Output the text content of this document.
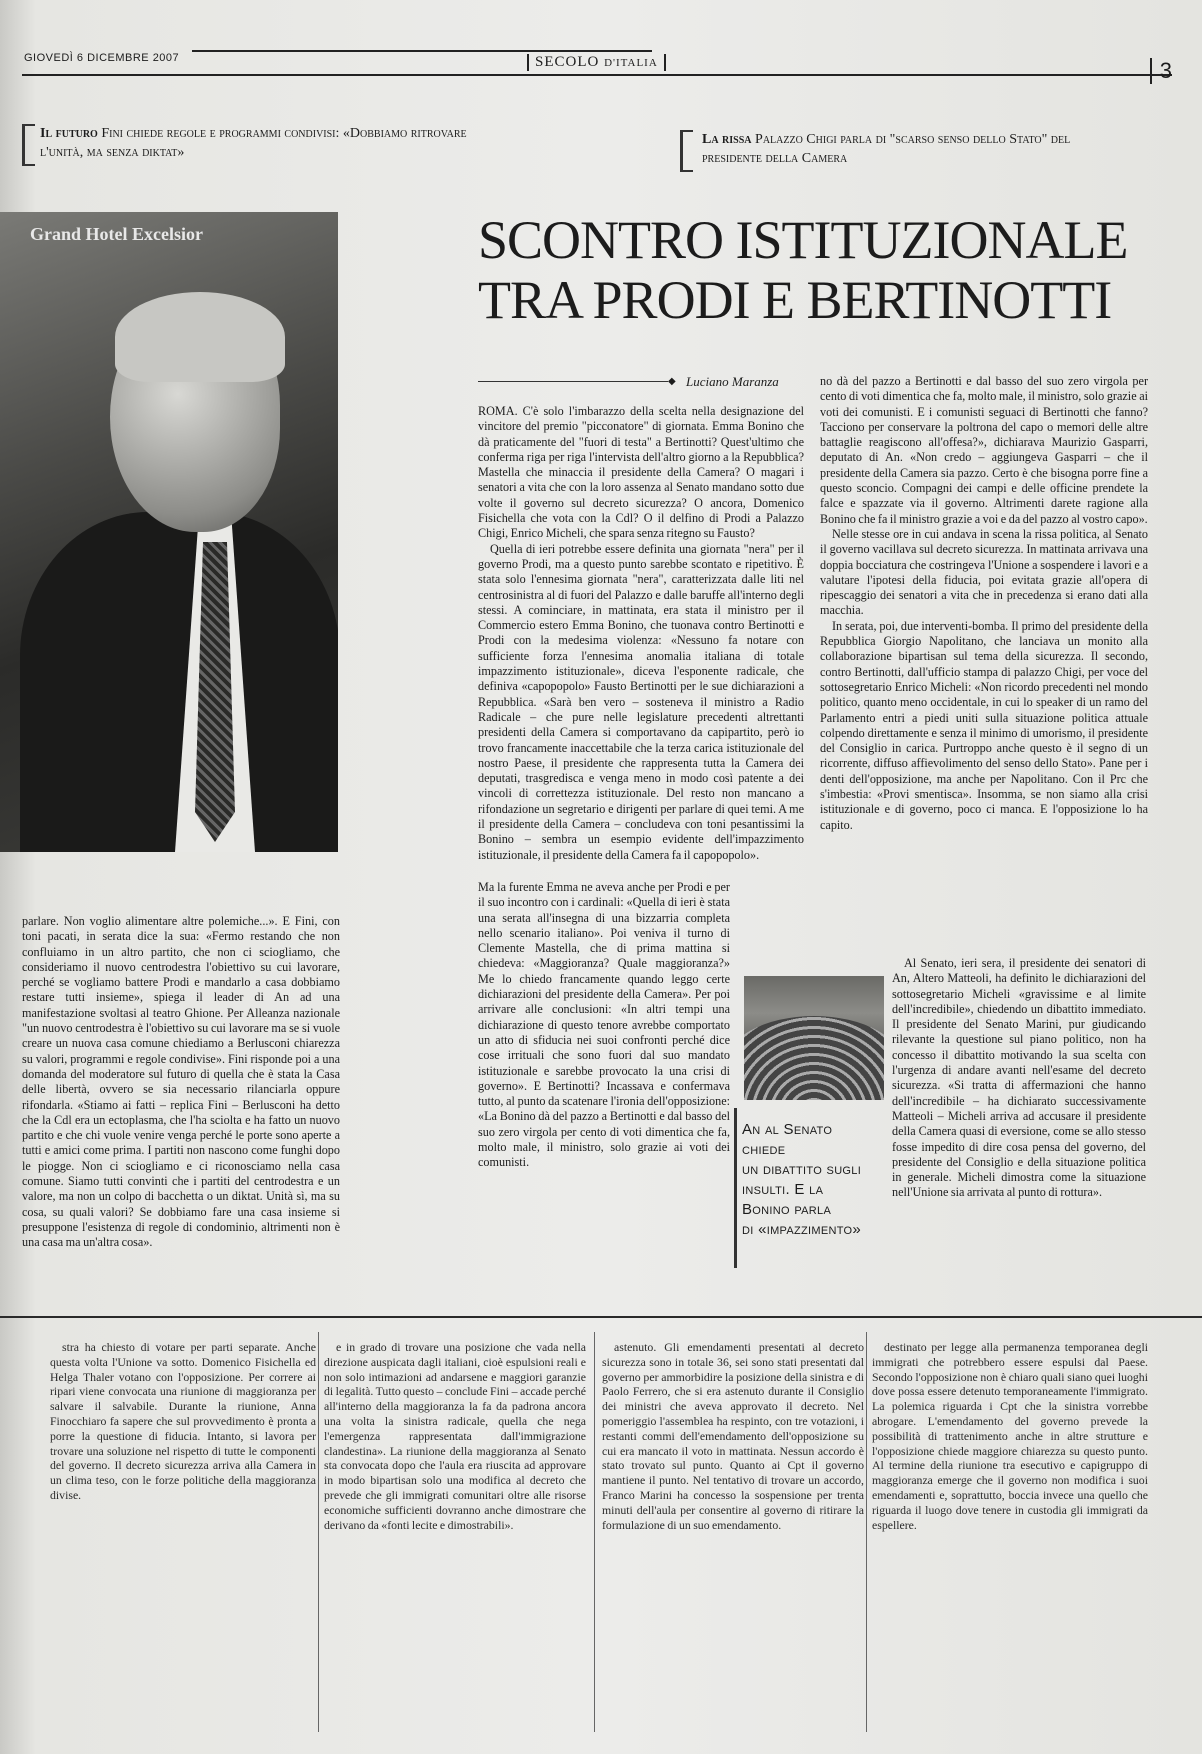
GIOVEDÌ 6 DICEMBRE 2007	SECOLO D'ITALIA	3
Il futuro Fini chiede regole e programmi condivisi: «Dobbiamo ritrovare l'unità, ma senza diktat»
La rissa Palazzo Chigi parla di "scarso senso dello Stato" del presidente della Camera
Grand Hotel Excelsior	SCONTRO ISTITUZIONALE
TRA PRODI E BERTINOTTI
◆ Luciano Maranza

ROMA. C'è solo l'imbarazzo della scelta nella designazione del vincitore del premio "picconatore" di giornata. Emma Bonino che dà praticamente del "fuori di testa" a Bertinotti? Quest'ultimo che conferma riga per riga l'intervista dell'altro giorno a la Repubblica? Mastella che minaccia il presidente della Camera? O magari i senatori a vita che con la loro assenza al Senato mandano sotto due volte il governo sul decreto sicurezza? O ancora, Domenico Fisichella che vota con la Cdl? O il delfino di Prodi a Palazzo Chigi, Enrico Micheli, che spara senza ritegno su Fausto?

Quella di ieri potrebbe essere definita una giornata "nera" per il governo Prodi, ma a questo punto sarebbe scontato e ripetitivo. È stata solo l'ennesima giornata "nera", caratterizzata dalle liti nel centrosinistra al di fuori del Palazzo e dalle baruffe all'interno degli stessi. A cominciare, in mattinata, era stata il ministro per il Commercio estero Emma Bonino, che tuonava contro Bertinotti e Prodi con la medesima violenza: «Nessuno fa notare con sufficiente forza l'ennesima anomalia italiana di totale impazzimento istituzionale», diceva l'esponente radicale, che definiva «capopopolo» Fausto Bertinotti per le sue dichiarazioni a Repubblica. «Sarà ben vero – sosteneva il ministro a Radio Radicale – che pure nelle legislature precedenti altrettanti presidenti della Camera si comportavano da capipartito, però io trovo francamente inaccettabile che la terza carica istituzionale del nostro Paese, il presidente che rappresenta tutta la Camera dei deputati, trasgredisca e venga meno in modo così patente a dei vincoli di correttezza istituzionale. Del resto non mancano a rifondazione un segretario e dirigenti per parlare di quei temi. A me il presidente della Camera – concludeva con toni pesantissimi la Bonino – sembra un esempio evidente dell'impazzimento istituzionale, il presidente della Camera fa il capopopolo».

Ma la furente Emma ne aveva anche per Prodi e per il suo incontro con i cardinali: «Quella di ieri è stata una serata all'insegna di una bizzarria completa nello scenario italiano». Poi veniva il turno di Clemente Mastella, che di prima mattina si chiedeva: «Maggioranza? Quale maggioranza?» Me lo chiedo francamente quando leggo certe dichiarazioni del presidente della Camera». Per poi arrivare alle conclusioni: «In altri tempi una dichiarazione di questo tenore avrebbe comportato un atto di sfiducia nei suoi confronti perché dice cose irrituali che sono fuori dal suo mandato istituzionale e sarebbe provocato la una crisi di governo». E Bertinotti? Incassava e confermava tutto, al punto da scatenare l'ironia dell'opposizione: «La Bonino dà del pazzo a Bertinotti e dal basso del suo zero virgola per cento di voti dimentica che fa, molto male, il ministro, solo grazie ai voti dei comunisti.

no dà del pazzo a Bertinotti e dal basso del suo zero virgola per cento di voti dimentica che fa, molto male, il ministro, solo grazie ai voti dei comunisti. E i comunisti seguaci di Bertinotti che fanno? Tacciono per conservare la poltrona del capo o memori delle altre battaglie reagiscono all'offesa?», dichiarava Maurizio Gasparri, deputato di An. «Non credo – aggiungeva Gasparri – che il presidente della Camera sia pazzo. Certo è che bisogna porre fine a questo sconcio. Compagni dei campi e delle officine prendete la falce e spazzate via il governo. Altrimenti darete ragione alla Bonino che fa il ministro grazie a voi e da del pazzo al vostro capo».

Nelle stesse ore in cui andava in scena la rissa politica, al Senato il governo vacillava sul decreto sicurezza. In mattinata arrivava una doppia bocciatura che costringeva l'Unione a sospendere i lavori e a valutare l'ipotesi della fiducia, poi evitata grazie all'opera di ripescaggio dei senatori a vita che in precedenza si erano dati alla macchia.

In serata, poi, due interventi-bomba. Il primo del presidente della Repubblica Giorgio Napolitano, che lanciava un monito alla collaborazione bipartisan sul tema della sicurezza. Il secondo, contro Bertinotti, dall'ufficio stampa di palazzo Chigi, per voce del sottosegretario Enrico Micheli: «Non ricordo precedenti nel mondo politico, quanto meno occidentale, in cui lo speaker di un ramo del Parlamento entri a piedi uniti sulla situazione politica attuale colpendo direttamente e senza il minimo di umorismo, il presidente del Consiglio in carica. Purtroppo anche questo è il segno di un ricorrente, diffuso affievolimento del senso dello Stato». Pane per i denti dell'opposizione, ma anche per Napolitano. Con il Prc che s'imbestia: «Provi smentisca». Insomma, se non siamo alla crisi istituzionale e di governo, poco ci manca. E l'opposizione lo ha capito.

Al Senato, ieri sera, il presidente dei senatori di An, Altero Matteoli, ha definito le dichiarazioni del sottosegretario Micheli «gravissime e al limite dell'incredibile», chiedendo un dibattito immediato. Il presidente del Senato Marini, pur giudicando rilevante la questione sul piano politico, non ha concesso il dibattito motivando la sua scelta con l'urgenza di andare avanti nell'esame del decreto sicurezza. «Si tratta di affermazioni che hanno dell'incredibile – ha dichiarato successivamente Matteoli – Micheli arriva ad accusare il presidente della Camera quasi di eversione, come se allo stesso fosse impedito di dire cosa pensa del governo, del presidente del Consiglio e della situazione politica in generale. Micheli dimostra come la situazione nell'Unione sia arrivata al punto di rottura».

parlare. Non voglio alimentare altre polemiche...». E Fini, con toni pacati, in serata dice la sua: «Fermo restando che non confluiamo in un altro partito, che non ci sciogliamo, che consideriamo il nuovo centrodestra l'obiettivo su cui lavorare, perché se vogliamo battere Prodi e mandarlo a casa dobbiamo restare tutti insieme», spiega il leader di An ad una manifestazione svoltasi al teatro Ghione. Per Alleanza nazionale "un nuovo centrodestra è l'obiettivo su cui lavorare ma se si vuole creare un nuova casa comune chiediamo a Berlusconi chiarezza su valori, programmi e regole condivise». Fini risponde poi a una domanda del moderatore sul futuro di quella che è stata la Casa delle libertà, ovvero se sia necessario rilanciarla oppure rifondarla. «Stiamo ai fatti – replica Fini – Berlusconi ha detto che la Cdl era un ectoplasma, che l'ha sciolta e ha fatto un nuovo partito e che chi vuole venire venga perché le porte sono aperte a tutti e amici come prima. I partiti non nascono come funghi dopo le piogge. Non ci sciogliamo e ci riconosciamo nella casa comune. Siamo tutti convinti che i partiti del centrodestra e un valore, ma non un colpo di bacchetta o un diktat. Unità sì, ma su cosa, su quali valori? Se dobbiamo fare una casa insieme si presuppone l'esistenza di regole di condominio, altrimenti non è una casa ma un'altra cosa».

An al Senato
chiede
un dibattito sugli
insulti. E la
Bonino parla
di «impazzimento»

stra ha chiesto di votare per parti separate. Anche questa volta l'Unione va sotto. Domenico Fisichella ed Helga Thaler votano con l'opposizione. Per correre ai ripari viene convocata una riunione di maggioranza per salvare il salvabile. Durante la riunione, Anna Finocchiaro fa sapere che sul provvedimento è pronta a porre la questione di fiducia. Intanto, si lavora per trovare una soluzione nel rispetto di tutte le componenti del governo. Il decreto sicurezza arriva alla Camera in un clima teso, con le forze politiche della maggioranza divise.

e in grado di trovare una posizione che vada nella direzione auspicata dagli italiani, cioè espulsioni reali e non solo intimazioni ad andarsene e maggiori garanzie di legalità. Tutto questo – conclude Fini – accade perché all'interno della maggioranza la fa da padrona ancora una volta la sinistra radicale, quella che nega l'emergenza rappresentata dall'immigrazione clandestina». La riunione della maggioranza al Senato sta convocata dopo che l'aula era riuscita ad approvare in modo bipartisan solo una modifica al decreto che prevede che gli immigrati comunitari oltre alle risorse economiche sufficienti dovranno anche dimostrare che derivano da «fonti lecite e dimostrabili».

astenuto. Gli emendamenti presentati al decreto sicurezza sono in totale 36, sei sono stati presentati dal governo per ammorbidire la posizione della sinistra e di Paolo Ferrero, che si era astenuto durante il Consiglio dei ministri che aveva approvato il decreto. Nel pomeriggio l'assemblea ha respinto, con tre votazioni, i restanti commi dell'emendamento dell'opposizione su cui era mancato il voto in mattinata. Nessun accordo è stato trovato sul punto. Quanto ai Cpt il governo mantiene il punto. Nel tentativo di trovare un accordo, Franco Marini ha concesso la sospensione per trenta minuti dell'aula per consentire al governo di ritirare la formulazione di un suo emendamento.

destinato per legge alla permanenza temporanea degli immigrati che potrebbero essere espulsi dal Paese. Secondo l'opposizione non è chiaro quali siano quei luoghi dove possa essere detenuto temporaneamente l'immigrato. La polemica riguarda i Cpt che la sinistra vorrebbe abrogare. L'emendamento del governo prevede la possibilità di trattenimento anche in altre strutture e l'opposizione chiede maggiore chiarezza su questo punto. Al termine della riunione tra esecutivo e capigruppo di maggioranza emerge che il governo non modifica i suoi emendamenti e, soprattutto, boccia invece una quello che riguarda il luogo dove tenere in custodia gli immigrati da espellere.
